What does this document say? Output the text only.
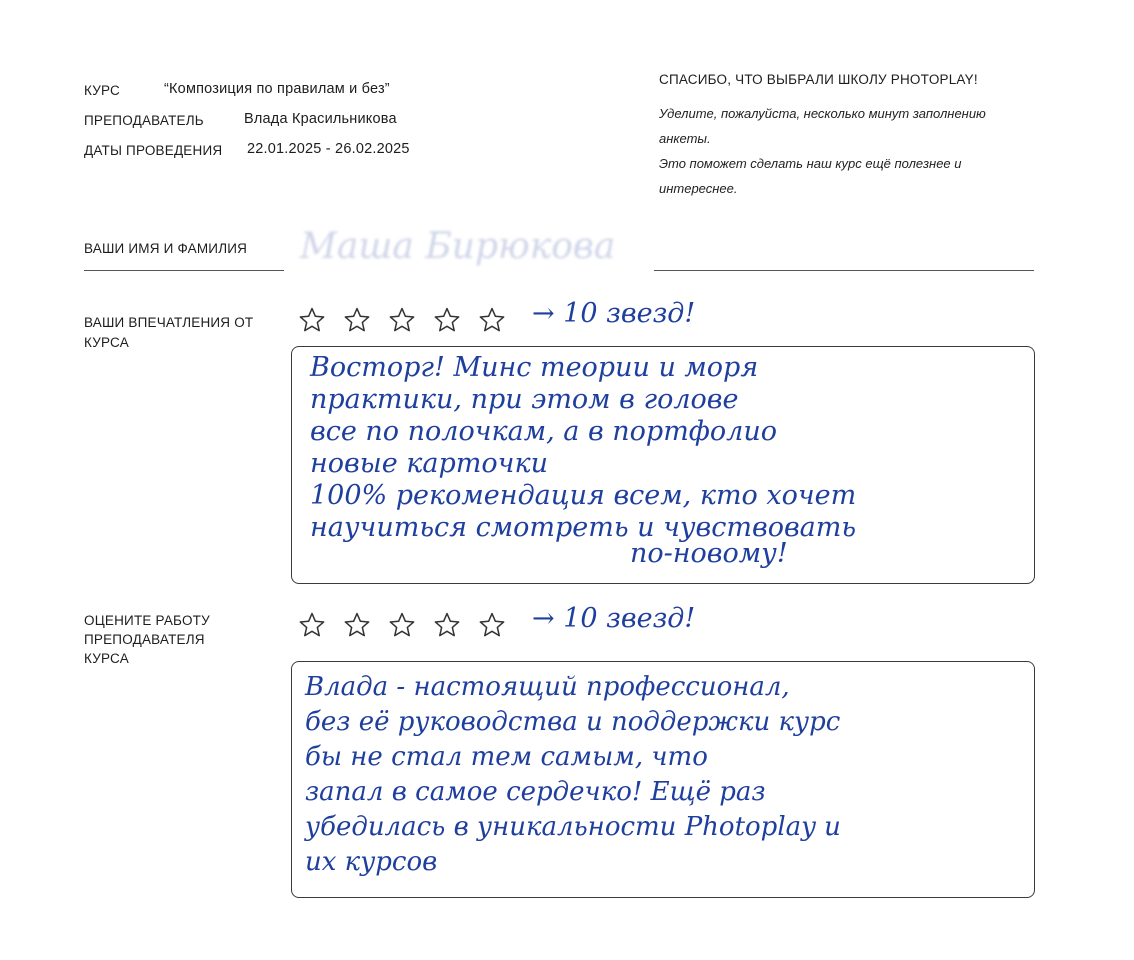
КУРС	“Композиция по правилам и без”
ПРЕПОДАВАТЕЛЬ	Влада Красильникова
ДАТЫ ПРОВЕДЕНИЯ 22.01.2025 - 26.02.2025
СПАСИБО, ЧТО ВЫБРАЛИ ШКОЛУ PHOTOPLAY!
Уделите, пожалуйста, несколько минут заполнению
анкеты.
Это поможет сделать наш курс ещё полезнее и
интереснее.
ВАШИ ИМЯ И ФАМИЛИЯ Маша Бирюкова
ВАШИ ВПЕЧАТЛЕНИЯ ОТ
КУРСА
→ 10 звезд!
Восторг! Минс теории и моря
практики, при этом в голове
все по полочкам, а в портфолио
новые карточки
100% рекомендация всем, кто хочет
научиться смотреть и чувствовать
по-новому!
ОЦЕНИТЕ РАБОТУ
ПРЕПОДАВАТЕЛЯ
КУРСА
→ 10 звезд!
Влада - настоящий профессионал,
без её руководства и поддержки курс
бы не стал тем самым, что
запал в самое сердечко! Ещё раз
убедилась в уникальности Photoplay и
их курсов
